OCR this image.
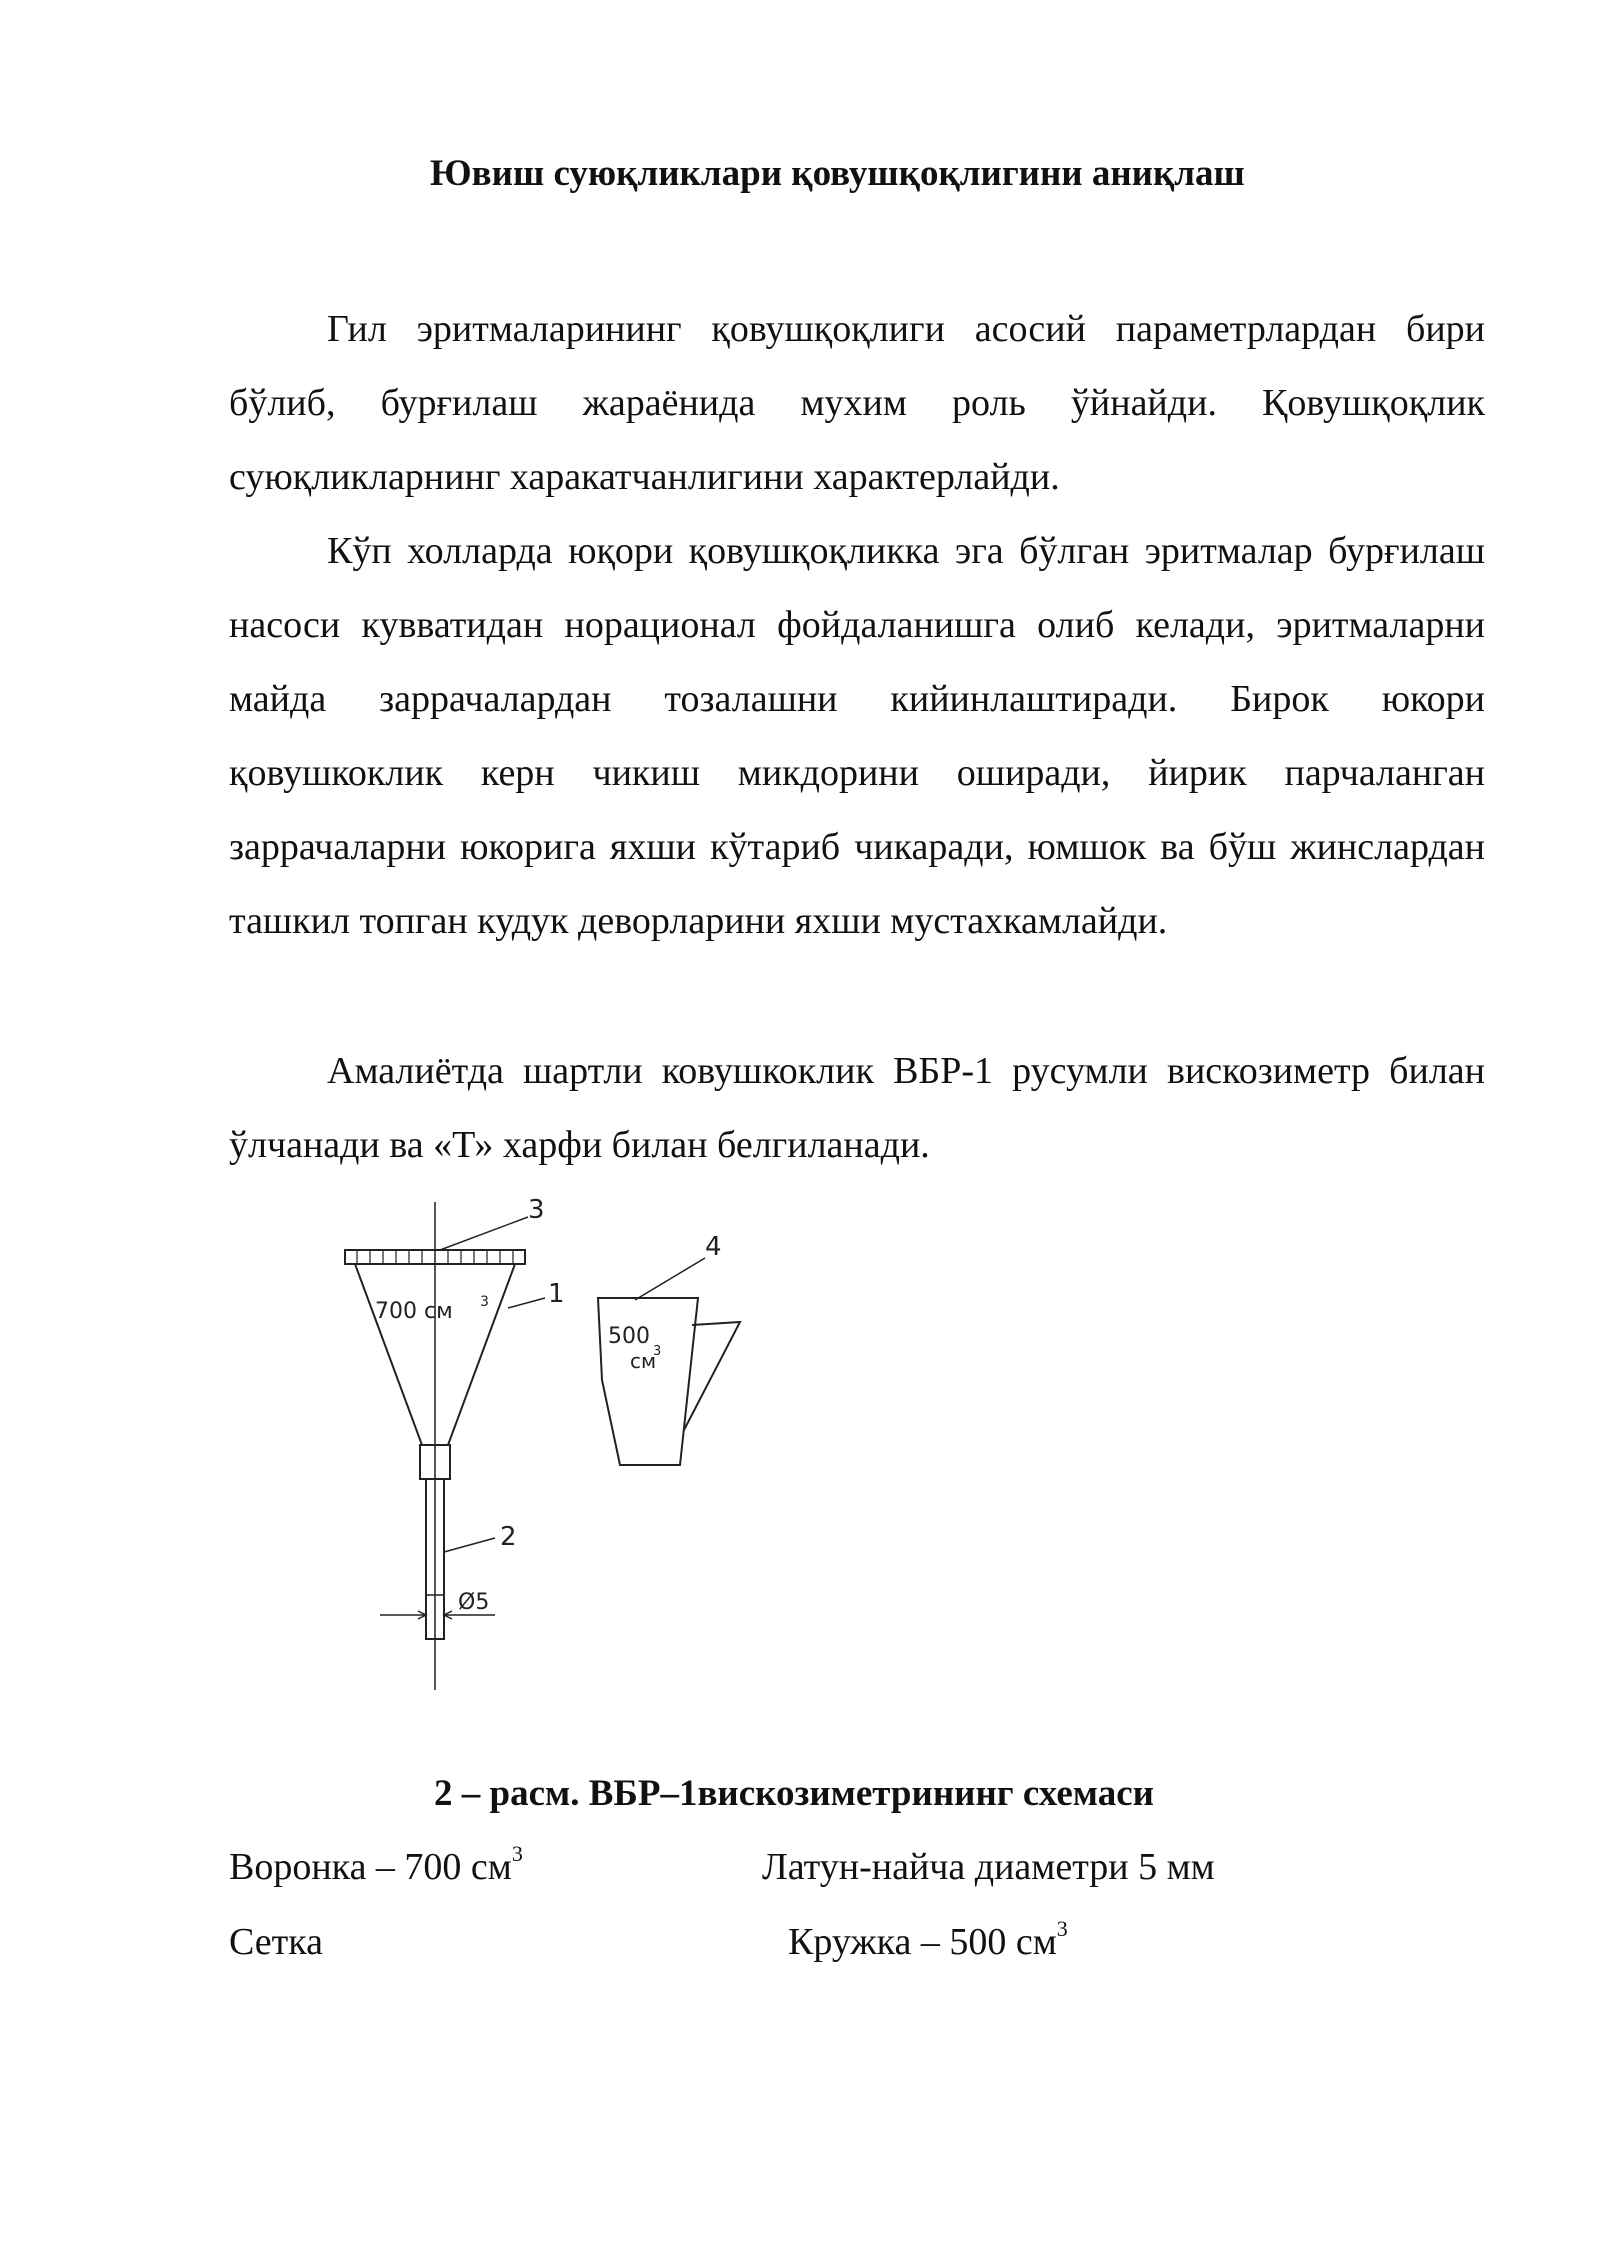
Ювиш суюқликлари қовушқоқлигини аниқлаш

Гил эритмаларининг қовушқоқлиги асосий параметрлардан бири бўлиб, бурғилаш жараёнида мухим роль ўйнайди. Қовушқоқлик суюқликларнинг харакатчанлигини характерлайди.

Кўп холларда юқори қовушқоқликка эга бўлган эритмалар бурғилаш насоси кувватидан норационал фойдаланишга олиб келади, эритмаларни майда заррачалардан тозалашни кийинлаштиради. Бирок юкори қовушкоклик керн чикиш микдорини оширади, йирик парчаланган заррачаларни юкорига яхши кўтариб чикаради, юмшок ва бўш жинслардан ташкил топган кудук деворларини яхши мустахкамлайди.

Амалиётда шартли ковушкоклик ВБР-1 русумли вискозиметр билан ўлчанади ва «Т» харфи билан белгиланади.

700 см 3 1
2
3
4
500
см
3
Ø5
2 – расм. ВБР–1вискозиметрининг схемаси
Воронка – 700 $см^3$	Латун-найча диаметри 5 мм
Сетка	Кружка – 500 $см^3$
